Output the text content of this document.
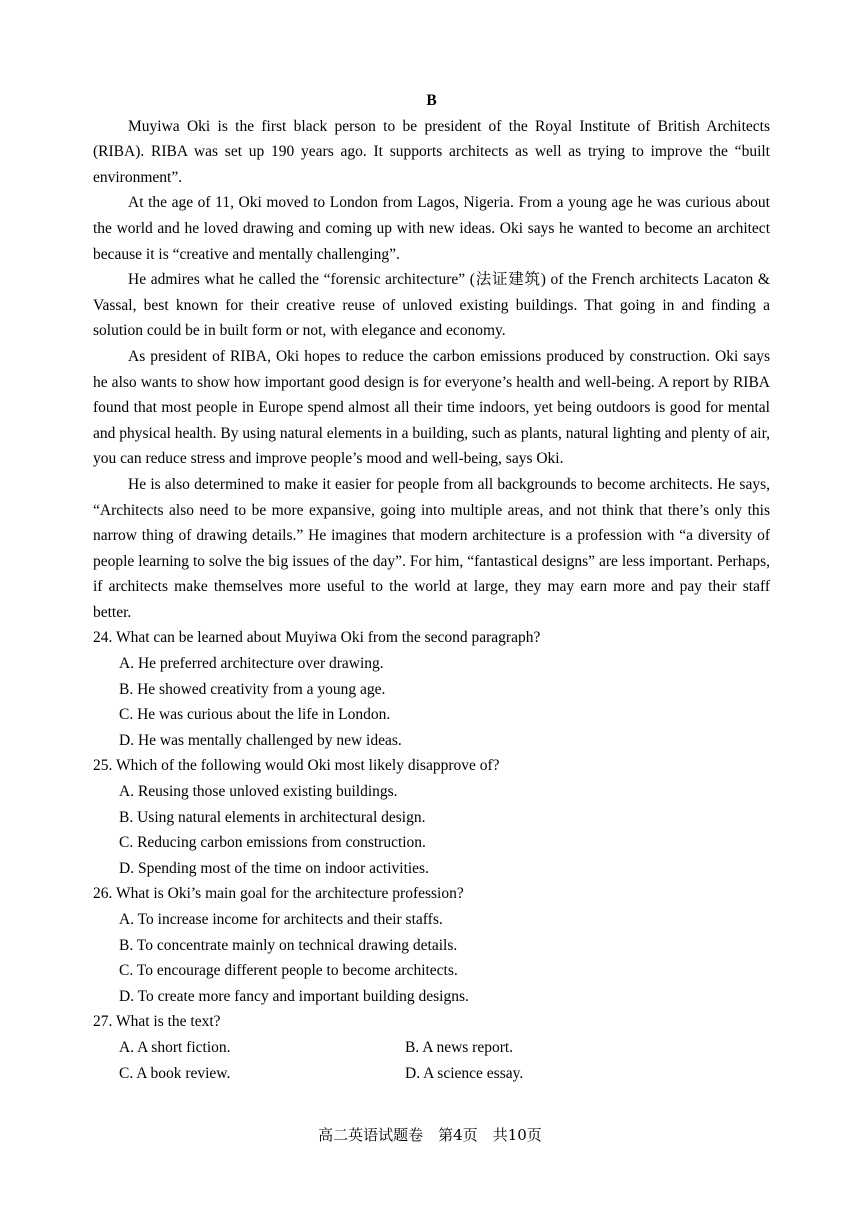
B

Muyiwa Oki is the first black person to be president of the Royal Institute of British Architects (RIBA). RIBA was set up 190 years ago. It supports architects as well as trying to improve the “built environment”.

At the age of 11, Oki moved to London from Lagos, Nigeria. From a young age he was curious about the world and he loved drawing and coming up with new ideas. Oki says he wanted to become an architect because it is “creative and mentally challenging”.

He admires what he called the “forensic architecture” (法证建筑) of the French architects Lacaton & Vassal, best known for their creative reuse of unloved existing buildings. That going in and finding a solution could be in built form or not, with elegance and economy.

As president of RIBA, Oki hopes to reduce the carbon emissions produced by construction. Oki says he also wants to show how important good design is for everyone’s health and well-being. A report by RIBA found that most people in Europe spend almost all their time indoors, yet being outdoors is good for mental and physical health. By using natural elements in a building, such as plants, natural lighting and plenty of air, you can reduce stress and improve people’s mood and well-being, says Oki.

He is also determined to make it easier for people from all backgrounds to become architects. He says, “Architects also need to be more expansive, going into multiple areas, and not think that there’s only this narrow thing of drawing details.” He imagines that modern architecture is a profession with “a diversity of people learning to solve the big issues of the day”. For him, “fantastical designs” are less important. Perhaps, if architects make themselves more useful to the world at large, they may earn more and pay their staff better.

24. What can be learned about Muyiwa Oki from the second paragraph?

A. He preferred architecture over drawing.

B. He showed creativity from a young age.

C. He was curious about the life in London.

D. He was mentally challenged by new ideas.

25. Which of the following would Oki most likely disapprove of?

A. Reusing those unloved existing buildings.

B. Using natural elements in architectural design.

C. Reducing carbon emissions from construction.

D. Spending most of the time on indoor activities.

26. What is Oki’s main goal for the architecture profession?

A. To increase income for architects and their staffs.

B. To concentrate mainly on technical drawing details.

C. To encourage different people to become architects.

D. To create more fancy and important building designs.

27. What is the text?

A. A short fiction.	B. A news report.

C. A book review.	D. A science essay.

高二英语试题卷　第4页　共10页
